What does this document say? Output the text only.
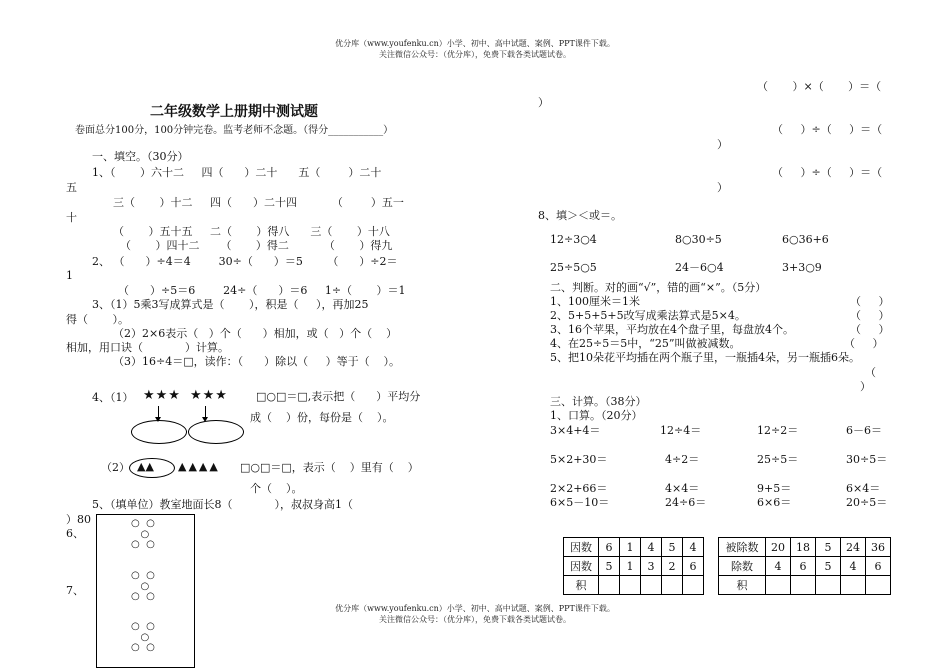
优分库（www.youfenku.cn）小学、初中、高中试题、案例、PPT课件下载。
关注微信公众号：（优分库），免费下载各类试题试卷。
优分库（www.youfenku.cn）小学、初中、高中试题、案例、PPT课件下载。
关注微信公众号：（优分库），免费下载各类试题试卷。
二年级数学上册期中测试题
卷面总分100分，100分钟完卷。监考老师不念题。（得分___________）
一、填空。（30分）
1、（       ）六十二     四（      ）二十      五（        ）二十
五
三（       ）十二     四（      ）二十四          （        ）五一
十
（       ）五十五     二（       ）得八      三（       ）十八
（       ）四十二      （       ）得二          （       ）得九
2、 （      ）÷4＝4        30÷（      ）＝5       （      ）÷2＝
1
（      ）÷5＝6        24÷（      ）＝6     1÷（       ）＝1
3、（1）5乘3写成算式是（       ），积是（     ），再加25
得（       ）。
（2）2×6表示（   ）个（      ）相加，或（   ）个（    ）
相加，用口诀（            ）计算。
（3）16÷4＝□，读作：（      ）除以（     ）等于（    ）。
4、（1） ★★★ ★★★	□○□＝□,表示把（      ）平均分
成（    ）份，每份是（    ）。
（2） ▲▲ ▲▲▲▲ □○□＝□，表示（    ）里有（    ）
个（    ）。
5、（填单位）教室地面长8（            ），叔叔身高1（
）80
6、
7、
○  ○
○
○  ○
○  ○
○
○  ○
○  ○
○
○  ○
（       ）×（       ）＝（
）
（     ）÷（     ）＝（
）
（     ）÷（     ）＝（
）
8、填＞＜或＝。
12÷3○4	8○30÷5	6○36+6
25÷5○5	24－6○4	3+3○9
二、判断。对的画“√”，错的画“×”。（5分）
1、100厘米＝1米	（     ）
2、5+5+5+5改写成乘法算式是5×4。	（     ）
3、16个苹果，平均放在4个盘子里，每盘放4个。	（     ）
4、在25÷5＝5中，“25”叫做被减数。	（     ）
5、把10朵花平均插在两个瓶子里，一瓶插4朵，另一瓶插6朵。
（
）
三、计算。（38分）
1、口算。（20分）
3×4+4＝	12÷4＝	12÷2＝	6－6＝
5×2+30＝	4÷2＝	25÷5＝	30÷5＝
2×2+66＝	4×4＝	9+5＝	6×4＝
6×5－10＝	24÷6＝	6×6＝	20÷5＝
因数	6	1	4	5	4
因数	5	1	3	2	6
积					
被除数	20	18	5	24	36
除数	4	6	5	4	6
积					
